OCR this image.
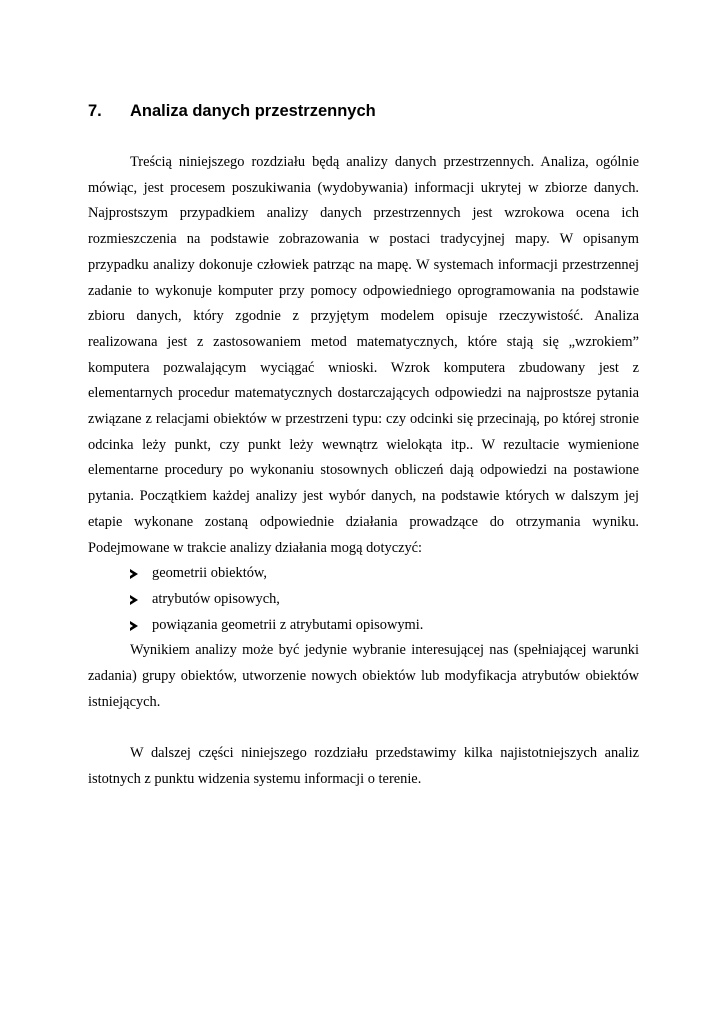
7. Analiza danych przestrzennych

Treścią niniejszego rozdziału będą analizy danych przestrzennych. Analiza, ogólnie mówiąc, jest procesem poszukiwania (wydobywania) informacji ukrytej w zbiorze danych. Najprostszym przypadkiem analizy danych przestrzennych jest wzrokowa ocena ich rozmieszczenia na podstawie zobrazowania w postaci tradycyjnej mapy. W opisanym przypadku analizy dokonuje człowiek patrząc na mapę. W systemach informacji przestrzennej zadanie to wykonuje komputer przy pomocy odpowiedniego oprogramowania na podstawie zbioru danych, który zgodnie z przyjętym modelem opisuje rzeczywistość. Analiza realizowana jest z zastosowaniem metod matematycznych, które stają się „wzrokiem” komputera pozwalającym wyciągać wnioski. Wzrok komputera zbudowany jest z elementarnych procedur matematycznych dostarczających odpowiedzi na najprostsze pytania związane z relacjami obiektów w przestrzeni typu: czy odcinki się przecinają, po której stronie odcinka leży punkt, czy punkt leży wewnątrz wielokąta itp.. W rezultacie wymienione elementarne procedury po wykonaniu stosownych obliczeń dają odpowiedzi na postawione pytania. Początkiem każdej analizy jest wybór danych, na podstawie których w dalszym jej etapie wykonane zostaną odpowiednie działania prowadzące do otrzymania wyniku. Podejmowane w trakcie analizy działania mogą dotyczyć:

geometrii obiektów,
atrybutów opisowych,
powiązania geometrii z atrybutami opisowymi.

Wynikiem analizy może być jedynie wybranie interesującej nas (spełniającej warunki zadania) grupy obiektów, utworzenie nowych obiektów lub modyfikacja atrybutów obiektów istniejących.

W dalszej części niniejszego rozdziału przedstawimy kilka najistotniejszych analiz istotnych z punktu widzenia systemu informacji o terenie.
